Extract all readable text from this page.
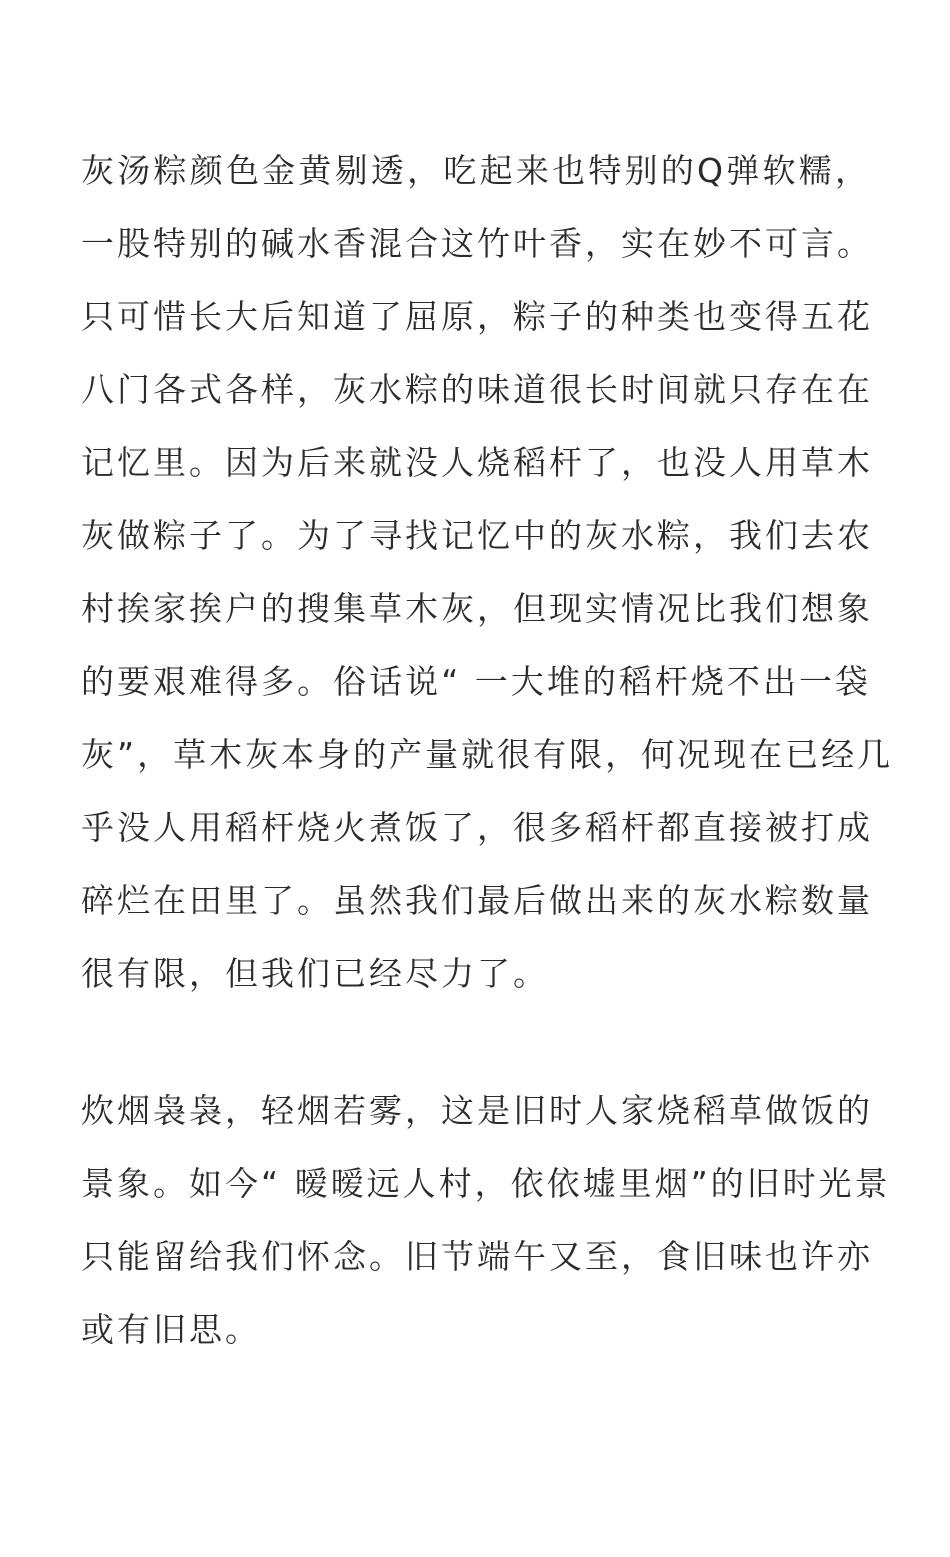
灰汤粽颜色金黄剔透，吃起来也特别的Q弹软糯，
一股特别的碱水香混合这竹叶香，实在妙不可言。
只可惜长大后知道了屈原，粽子的种类也变得五花
八门各式各样，灰水粽的味道很长时间就只存在在
记忆里。因为后来就没人烧稻杆了，也没人用草木
灰做粽子了。为了寻找记忆中的灰水粽，我们去农
村挨家挨户的搜集草木灰，但现实情况比我们想象
的要艰难得多。俗话说“ 一大堆的稻杆烧不出一袋
灰”，草木灰本身的产量就很有限，何况现在已经几
乎没人用稻杆烧火煮饭了，很多稻杆都直接被打成
碎烂在田里了。虽然我们最后做出来的灰水粽数量
很有限，但我们已经尽力了。
炊烟袅袅，轻烟若雾，这是旧时人家烧稻草做饭的
景象。如今“ 暧暧远人村，依依墟里烟”的旧时光景
只能留给我们怀念。旧节端午又至，食旧味也许亦
或有旧思。
